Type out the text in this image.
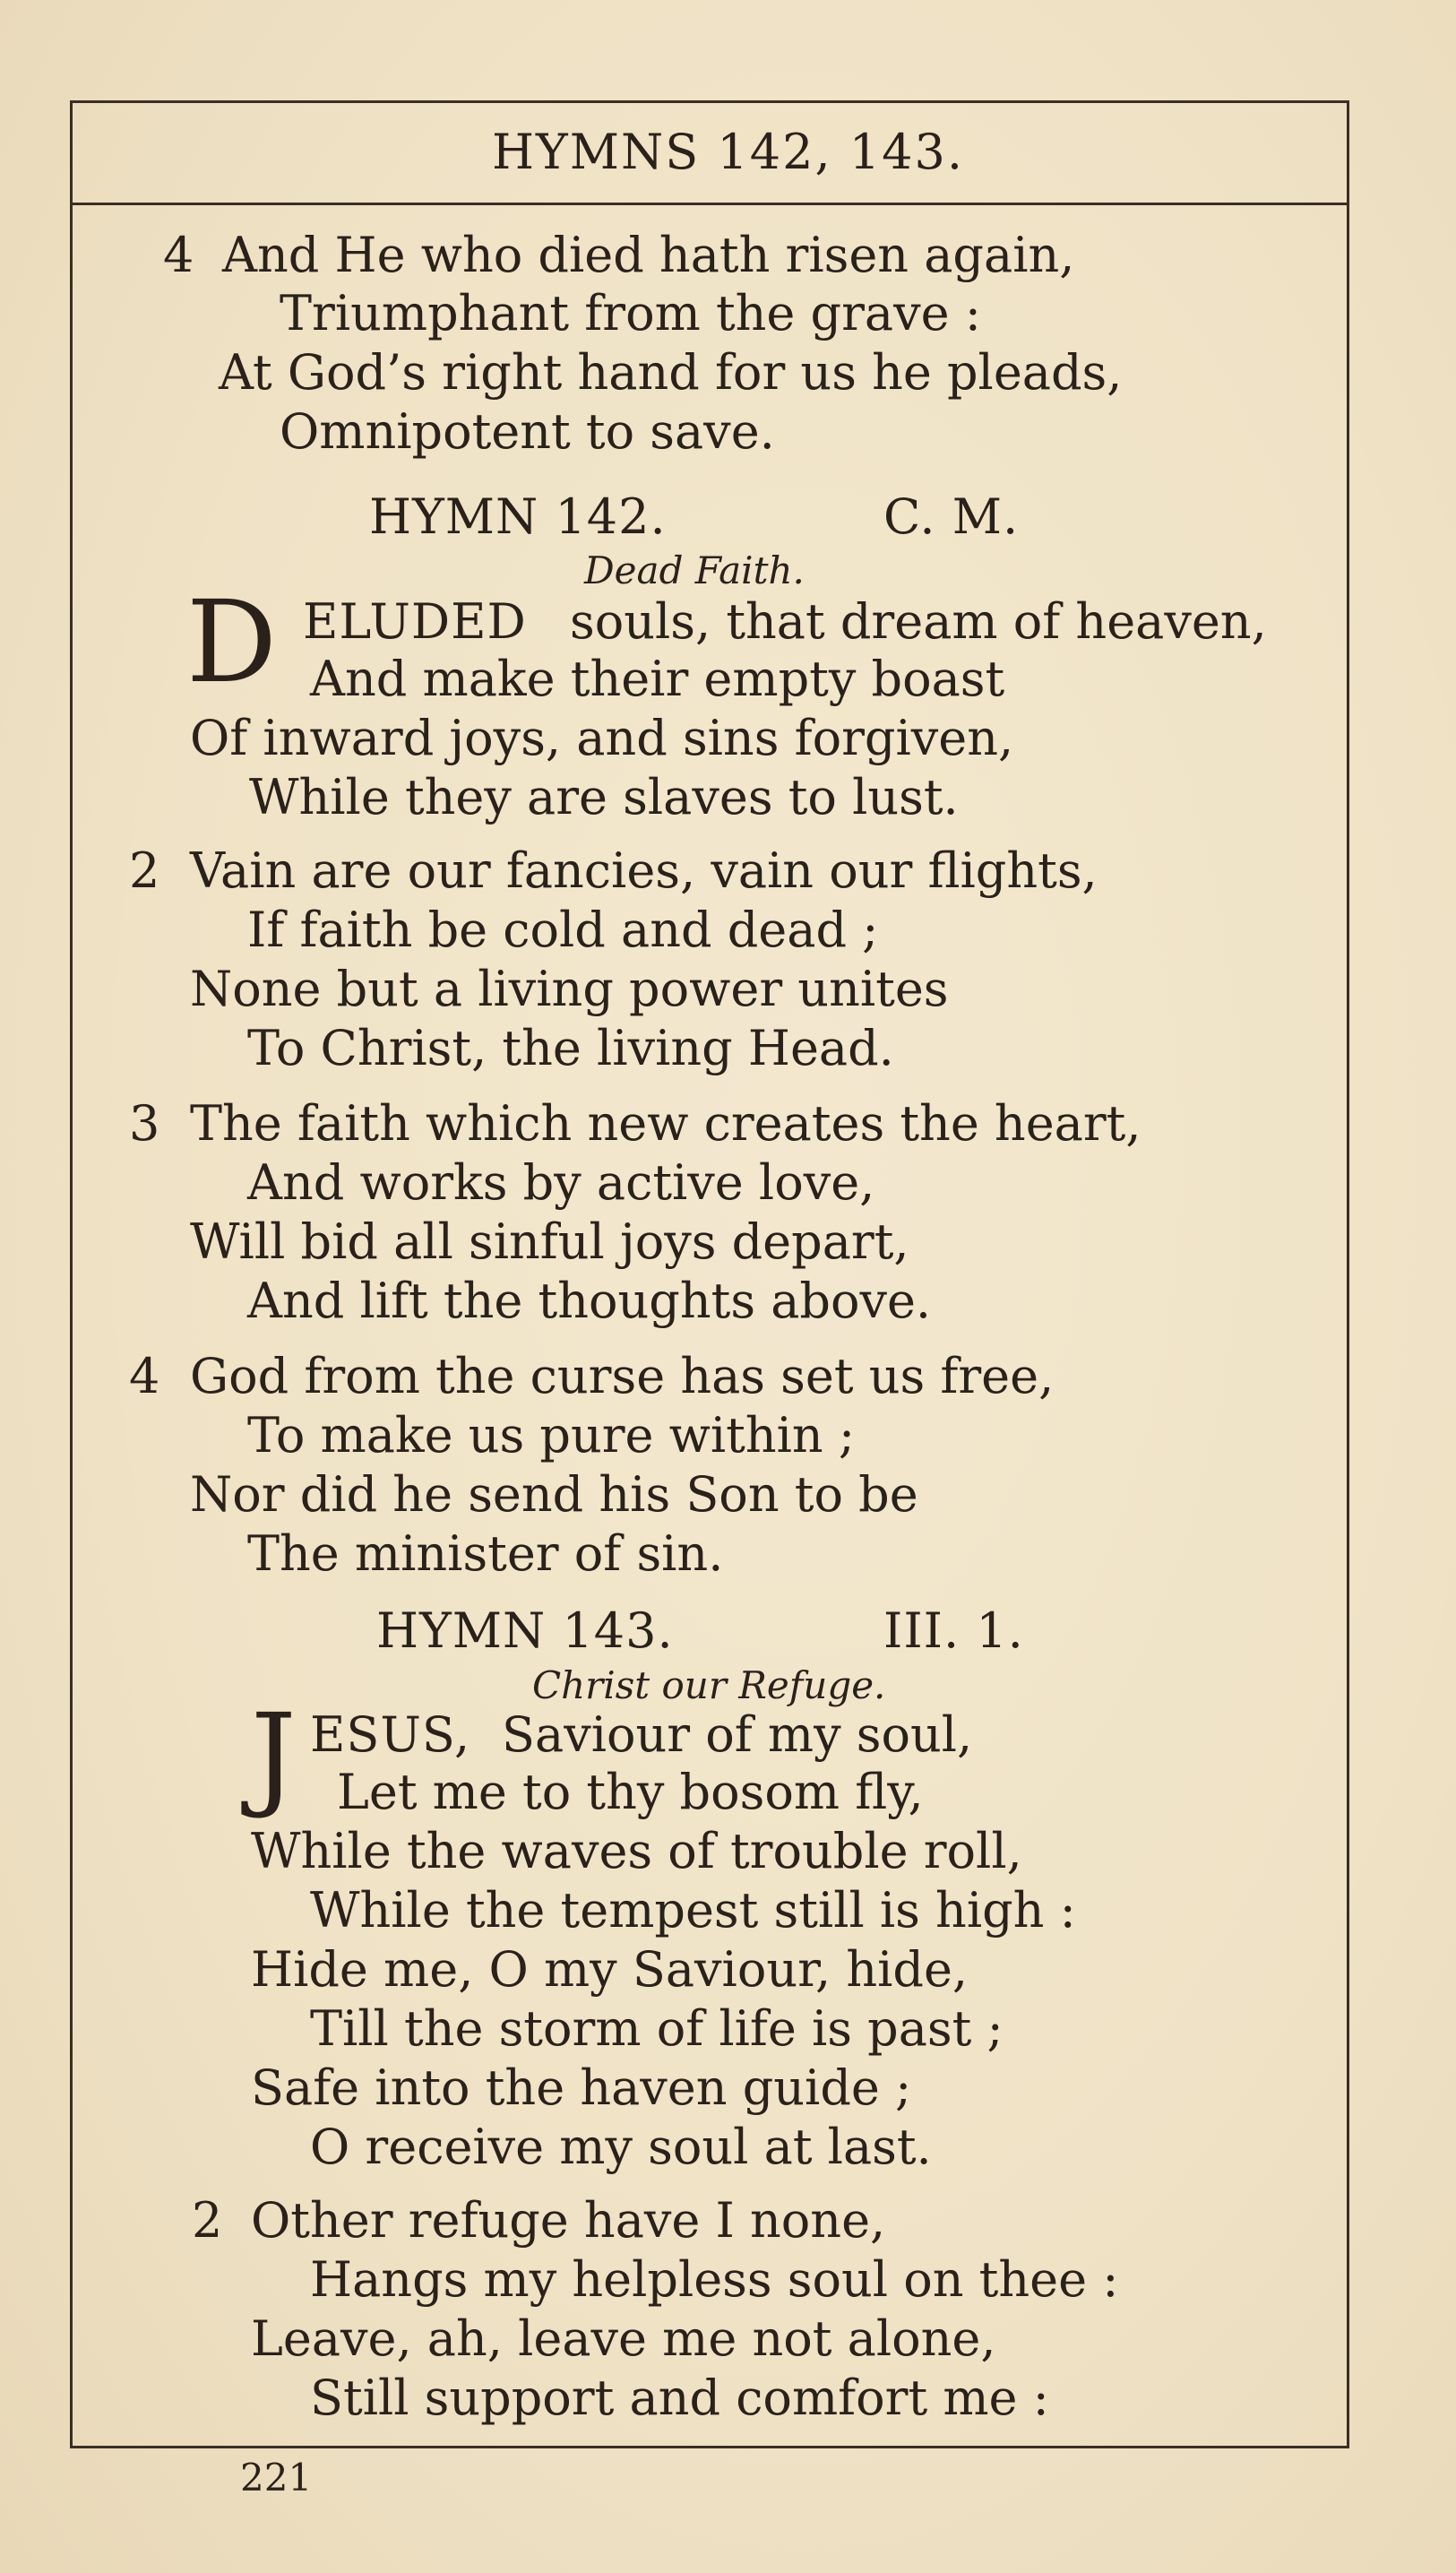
HYMNS 142, 143.
4 And He who died hath risen again,
Triumphant from the grave :
At God’s right hand for us he pleads,
Omnipotent to save.
HYMN 142.	C. M.
Dead Faith.
D ELUDED souls, that dream of heaven,
And make their empty boast
Of inward joys, and sins forgiven,
While they are slaves to lust.
2 Vain are our fancies, vain our flights,
If faith be cold and dead ;
None but a living power unites
To Christ, the living Head.
3 The faith which new creates the heart,
And works by active love,
Will bid all sinful joys depart,
And lift the thoughts above.
4 God from the curse has set us free,
To make us pure within ;
Nor did he send his Son to be
The minister of sin.
HYMN 143.	III. 1.
Christ our Refuge.
J ESUS, Saviour of my soul,
Let me to thy bosom fly,
While the waves of trouble roll,
While the tempest still is high :
Hide me, O my Saviour, hide,
Till the storm of life is past ;
Safe into the haven guide ;
O receive my soul at last.
2 Other refuge have I none,
Hangs my helpless soul on thee :
Leave, ah, leave me not alone,
Still support and comfort me :
221
